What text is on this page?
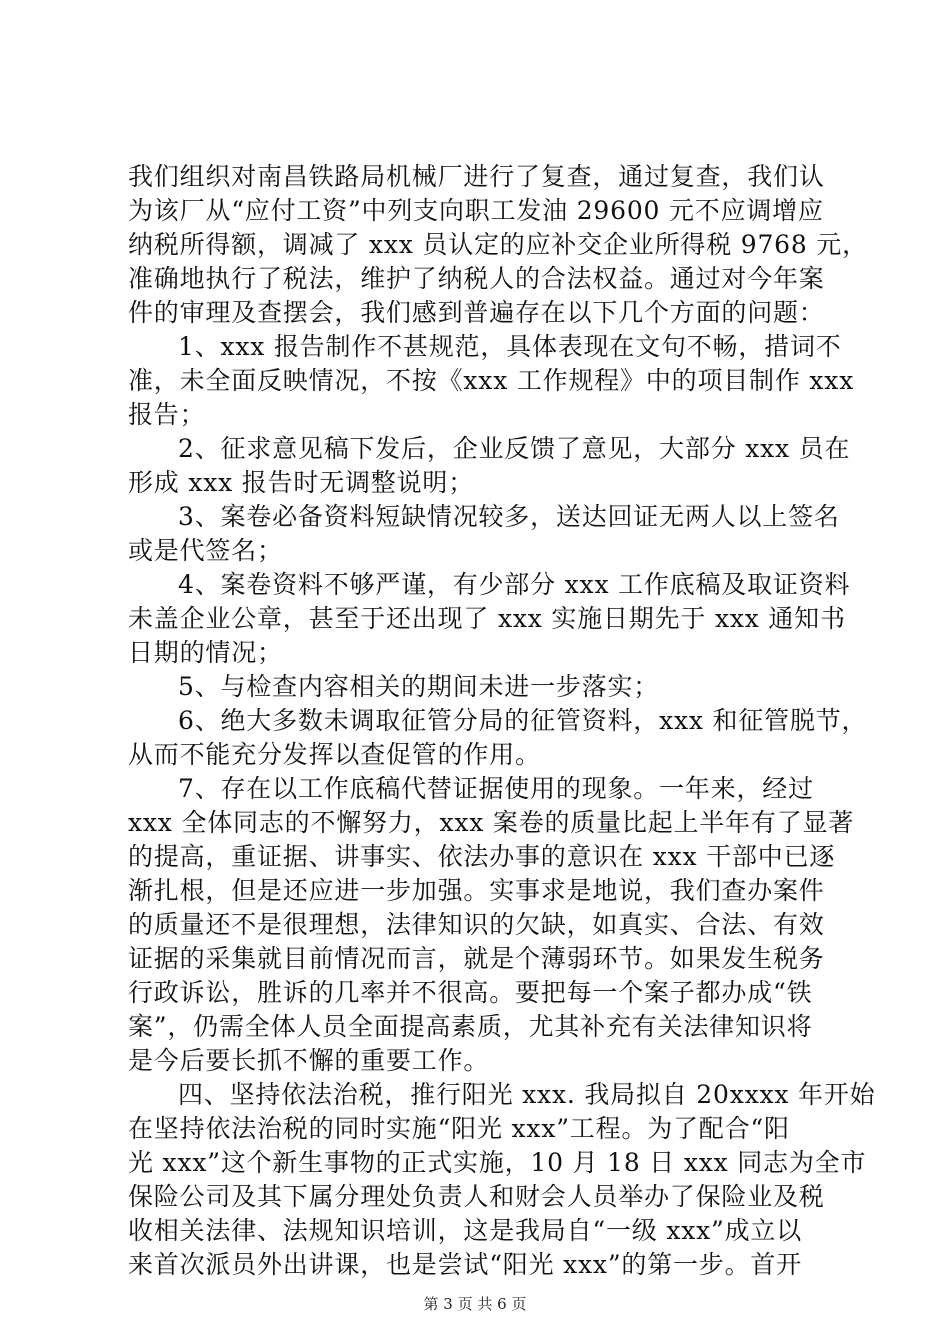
我们组织对南昌铁路局机械厂进行了复查，通过复查，我们认
为该厂从“应付工资”中列支向职工发油 29600 元不应调增应
纳税所得额，调减了 xxx 员认定的应补交企业所得税 9768 元，
准确地执行了税法，维护了纳税人的合法权益。通过对今年案
件的审理及查摆会，我们感到普遍存在以下几个方面的问题：
1、xxx 报告制作不甚规范，具体表现在文句不畅，措词不
准，未全面反映情况，不按《xxx 工作规程》中的项目制作 xxx
报告；
2、征求意见稿下发后，企业反馈了意见，大部分 xxx 员在
形成 xxx 报告时无调整说明；
3、案卷必备资料短缺情况较多，送达回证无两人以上签名
或是代签名；
4、案卷资料不够严谨，有少部分 xxx 工作底稿及取证资料
未盖企业公章，甚至于还出现了 xxx 实施日期先于 xxx 通知书
日期的情况；
5、与检查内容相关的期间未进一步落实；
6、绝大多数未调取征管分局的征管资料，xxx 和征管脱节，
从而不能充分发挥以查促管的作用。
7、存在以工作底稿代替证据使用的现象。一年来，经过
xxx 全体同志的不懈努力，xxx 案卷的质量比起上半年有了显著
的提高，重证据、讲事实、依法办事的意识在 xxx 干部中已逐
渐扎根，但是还应进一步加强。实事求是地说，我们查办案件
的质量还不是很理想，法律知识的欠缺，如真实、合法、有效
证据的采集就目前情况而言，就是个薄弱环节。如果发生税务
行政诉讼，胜诉的几率并不很高。要把每一个案子都办成“铁
案”，仍需全体人员全面提高素质，尤其补充有关法律知识将
是今后要长抓不懈的重要工作。
四、坚持依法治税，推行阳光 xxx. 我局拟自 20xxxx 年开始
在坚持依法治税的同时实施“阳光 xxx”工程。为了配合“阳
光 xxx”这个新生事物的正式实施，10 月 18 日 xxx 同志为全市
保险公司及其下属分理处负责人和财会人员举办了保险业及税
收相关法律、法规知识培训，这是我局自“一级 xxx”成立以
来首次派员外出讲课，也是尝试“阳光 xxx”的第一步。首开
第 3 页 共 6 页
